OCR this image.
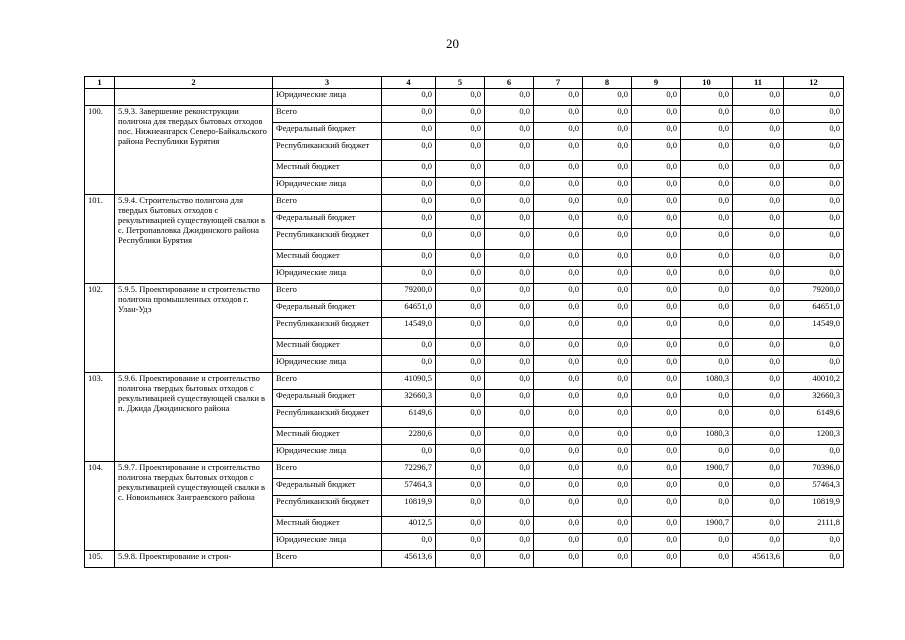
20
1	2	3	4	5	6	7	8	9	10	11	12
		Юридические лица	0,0	0,0	0,0	0,0	0,0	0,0	0,0	0,0	0,0
100.	5.9.3. Завершение реконструкции полигона для твердых бытовых отходов пос. Нижнеангарск Северо-Байкальского района Республики Бурятия	Всего	0,0	0,0	0,0	0,0	0,0	0,0	0,0	0,0	0,0
		Федеральный бюджет	0,0	0,0	0,0	0,0	0,0	0,0	0,0	0,0	0,0
		Республиканский бюджет	0,0	0,0	0,0	0,0	0,0	0,0	0,0	0,0	0,0
		Местный бюджет	0,0	0,0	0,0	0,0	0,0	0,0	0,0	0,0	0,0
		Юридические лица	0,0	0,0	0,0	0,0	0,0	0,0	0,0	0,0	0,0
101.	5.9.4. Строительство полигона для твердых бытовых отходов с рекультивацией существующей свалки в с. Петропавловка Джидинского района Республики Бурятия	Всего	0,0	0,0	0,0	0,0	0,0	0,0	0,0	0,0	0,0
		Федеральный бюджет	0,0	0,0	0,0	0,0	0,0	0,0	0,0	0,0	0,0
		Республиканский бюджет	0,0	0,0	0,0	0,0	0,0	0,0	0,0	0,0	0,0
		Местный бюджет	0,0	0,0	0,0	0,0	0,0	0,0	0,0	0,0	0,0
		Юридические лица	0,0	0,0	0,0	0,0	0,0	0,0	0,0	0,0	0,0
102.	5.9.5. Проектирование и строительство полигона промышленных отходов г. Улан-Удэ	Всего	79200,0	0,0	0,0	0,0	0,0	0,0	0,0	0,0	79200,0
		Федеральный бюджет	64651,0	0,0	0,0	0,0	0,0	0,0	0,0	0,0	64651,0
		Республиканский бюджет	14549,0	0,0	0,0	0,0	0,0	0,0	0,0	0,0	14549,0
		Местный бюджет	0,0	0,0	0,0	0,0	0,0	0,0	0,0	0,0	0,0
		Юридические лица	0,0	0,0	0,0	0,0	0,0	0,0	0,0	0,0	0,0
103.	5.9.6. Проектирование и строительство полигона твердых бытовых отходов с рекультивацией существующей свалки в п. Джида Джидинского района	Всего	41090,5	0,0	0,0	0,0	0,0	0,0	1080,3	0,0	40010,2
		Федеральный бюджет	32660,3	0,0	0,0	0,0	0,0	0,0	0,0	0,0	32660,3
		Республиканский бюджет	6149,6	0,0	0,0	0,0	0,0	0,0	0,0	0,0	6149,6
		Местный бюджет	2280,6	0,0	0,0	0,0	0,0	0,0	1080,3	0,0	1200,3
		Юридические лица	0,0	0,0	0,0	0,0	0,0	0,0	0,0	0,0	0,0
104.	5.9.7. Проектирование и строительство полигона твердых бытовых отходов с рекультивацией существующей свалки в с. Новоильинск Заиграевского района	Всего	72296,7	0,0	0,0	0,0	0,0	0,0	1900,7	0,0	70396,0
		Федеральный бюджет	57464,3	0,0	0,0	0,0	0,0	0,0	0,0	0,0	57464,3
		Республиканский бюджет	10819,9	0,0	0,0	0,0	0,0	0,0	0,0	0,0	10819,9
		Местный бюджет	4012,5	0,0	0,0	0,0	0,0	0,0	1900,7	0,0	2111,8
		Юридические лица	0,0	0,0	0,0	0,0	0,0	0,0	0,0	0,0	0,0
105.	5.9.8. Проектирование и строн-	Всего	45613,6	0,0	0,0	0,0	0,0	0,0	0,0	45613,6	0,0
